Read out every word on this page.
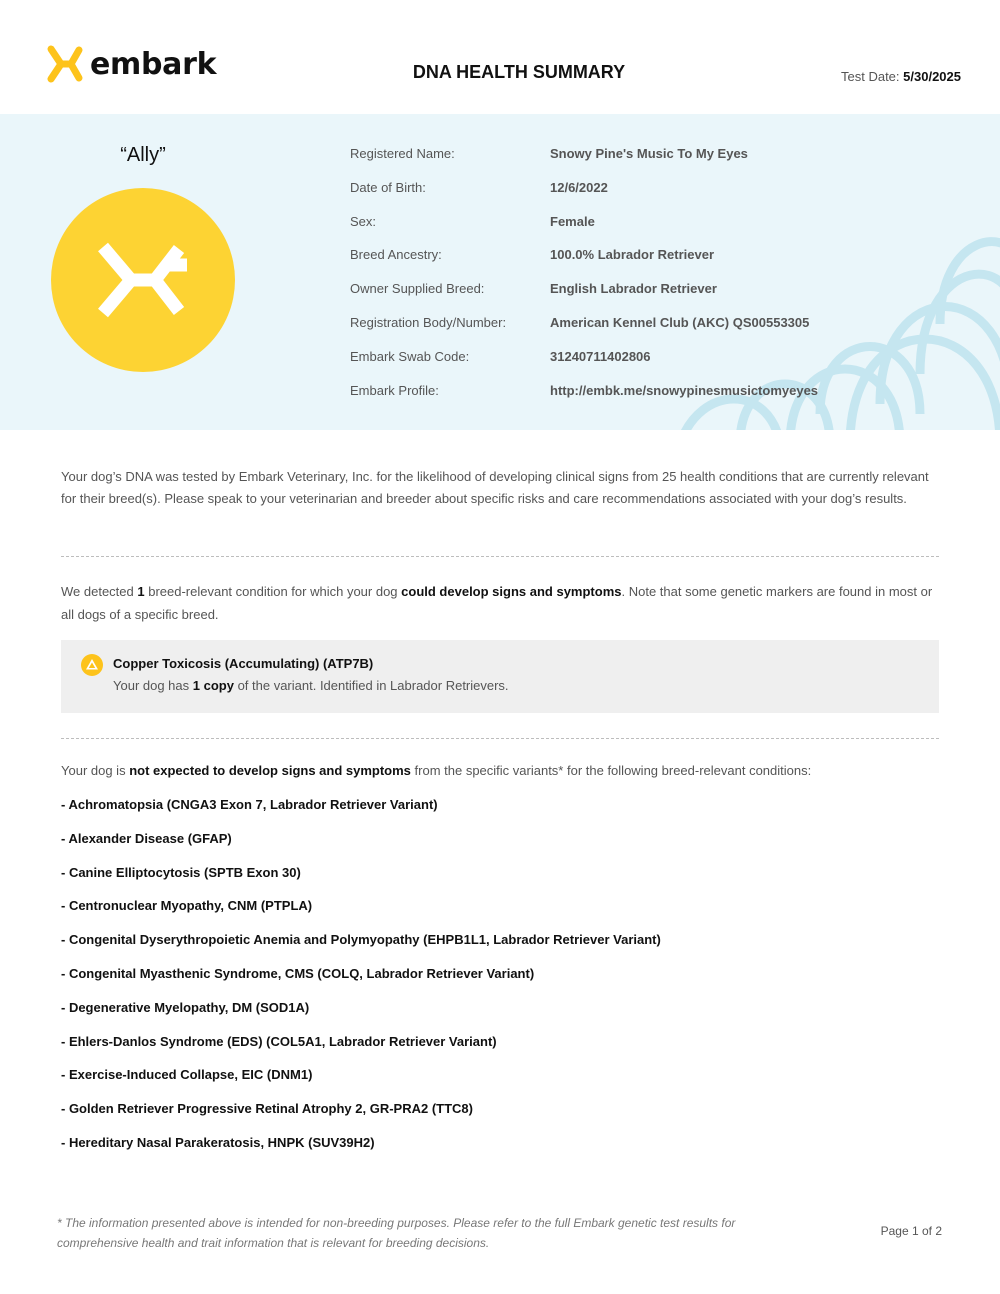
embark	DNA HEALTH SUMMARY	Test Date: 5/30/2025
“Ally”	Registered Name:	Snowy Pine's Music To My Eyes
Date of Birth:	12/6/2022
Sex:	Female
Breed Ancestry:	100.0% Labrador Retriever
Owner Supplied Breed:	English Labrador Retriever
Registration Body/Number:	American Kennel Club (AKC) QS00553305
Embark Swab Code:	31240711402806
Embark Profile:	http://embk.me/snowypinesmusictomyeyes

Your dog’s DNA was tested by Embark Veterinary, Inc. for the likelihood of developing clinical signs from 25 health conditions that are currently relevant for their breed(s). Please speak to your veterinarian and breeder about specific risks and care recommendations associated with your dog’s results.

We detected 1 breed-relevant condition for which your dog could develop signs and symptoms. Note that some genetic markers are found in most or all dogs of a specific breed.

Copper Toxicosis (Accumulating) (ATP7B)
Your dog has 1 copy of the variant. Identified in Labrador Retrievers.
Your dog is not expected to develop signs and symptoms from the specific variants* for the following breed-relevant conditions:
- Achromatopsia (CNGA3 Exon 7, Labrador Retriever Variant)
- Alexander Disease (GFAP)
- Canine Elliptocytosis (SPTB Exon 30)
- Centronuclear Myopathy, CNM (PTPLA)
- Congenital Dyserythropoietic Anemia and Polymyopathy (EHPB1L1, Labrador Retriever Variant)
- Congenital Myasthenic Syndrome, CMS (COLQ, Labrador Retriever Variant)
- Degenerative Myelopathy, DM (SOD1A)
- Ehlers-Danlos Syndrome (EDS) (COL5A1, Labrador Retriever Variant)
- Exercise-Induced Collapse, EIC (DNM1)
- Golden Retriever Progressive Retinal Atrophy 2, GR-PRA2 (TTC8)
- Hereditary Nasal Parakeratosis, HNPK (SUV39H2)
* The information presented above is intended for non-breeding purposes. Please refer to the full Embark genetic test results for comprehensive health and trait information that is relevant for breeding decisions.
Page 1 of 2
